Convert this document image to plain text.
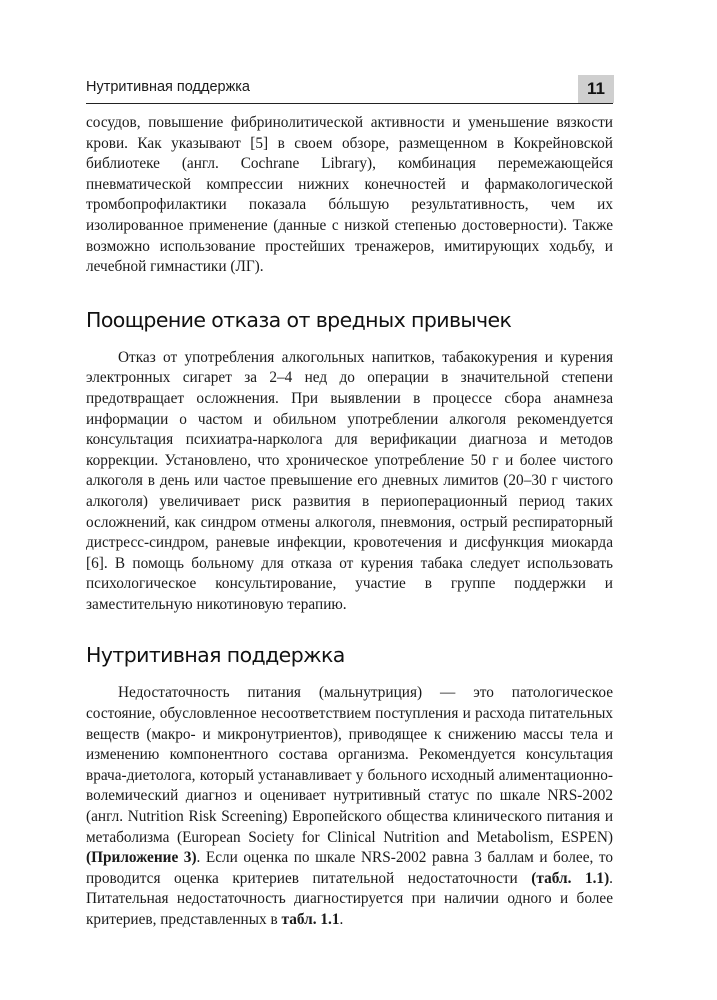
Нутритивная поддержка	11

сосудов, повышение фибринолитической активности и уменьшение вязкости крови. Как указывают [5] в своем обзоре, размещенном в Кокрейновской библиотеке (англ. Cochrane Library), комбинация перемежающейся пневматической компрессии нижних конечностей и фармакологической тромбопрофилактики показала бóльшую результативность, чем их изолированное применение (данные с низкой степенью достоверности). Также возможно использование простейших тренажеров, имитирующих ходьбу, и лечебной гимнастики (ЛГ).

Поощрение отказа от вредных привычек

Отказ от употребления алкогольных напитков, табакокурения и курения электронных сигарет за 2–4 нед до операции в значительной степени предотвращает осложнения. При выявлении в процессе сбора анамнеза информации о частом и обильном употреблении алкоголя рекомендуется консультация психиатра-нарколога для верификации диагноза и методов коррекции. Установлено, что хроническое употребление 50 г и более чистого алкоголя в день или частое превышение его дневных лимитов (20–30 г чистого алкоголя) увеличивает риск развития в периоперационный период таких осложнений, как синдром отмены алкоголя, пневмония, острый респираторный дистресс-синдром, раневые инфекции, кровотечения и дисфункция миокарда [6]. В помощь больному для отказа от курения табака следует использовать психологическое консультирование, участие в группе поддержки и заместительную никотиновую терапию.

Нутритивная поддержка

Недостаточность питания (мальнутриция) — это патологическое состояние, обусловленное несоответствием поступления и расхода питательных веществ (макро- и микронутриентов), приводящее к снижению массы тела и изменению компонентного состава организма. Рекомендуется консультация врача-диетолога, который устанавливает у больного исходный алиментационно-волемический диагноз и оценивает нутритивный статус по шкале NRS-2002 (англ. Nutrition Risk Screening) Европейского общества клинического питания и метаболизма (European Society for Clinical Nutrition and Metabolism, ESPEN) (Приложение 3). Если оценка по шкале NRS-2002 равна 3 баллам и более, то проводится оценка критериев питательной недостаточности (табл. 1.1). Питательная недостаточность диагностируется при наличии одного и более критериев, представленных в табл. 1.1.
